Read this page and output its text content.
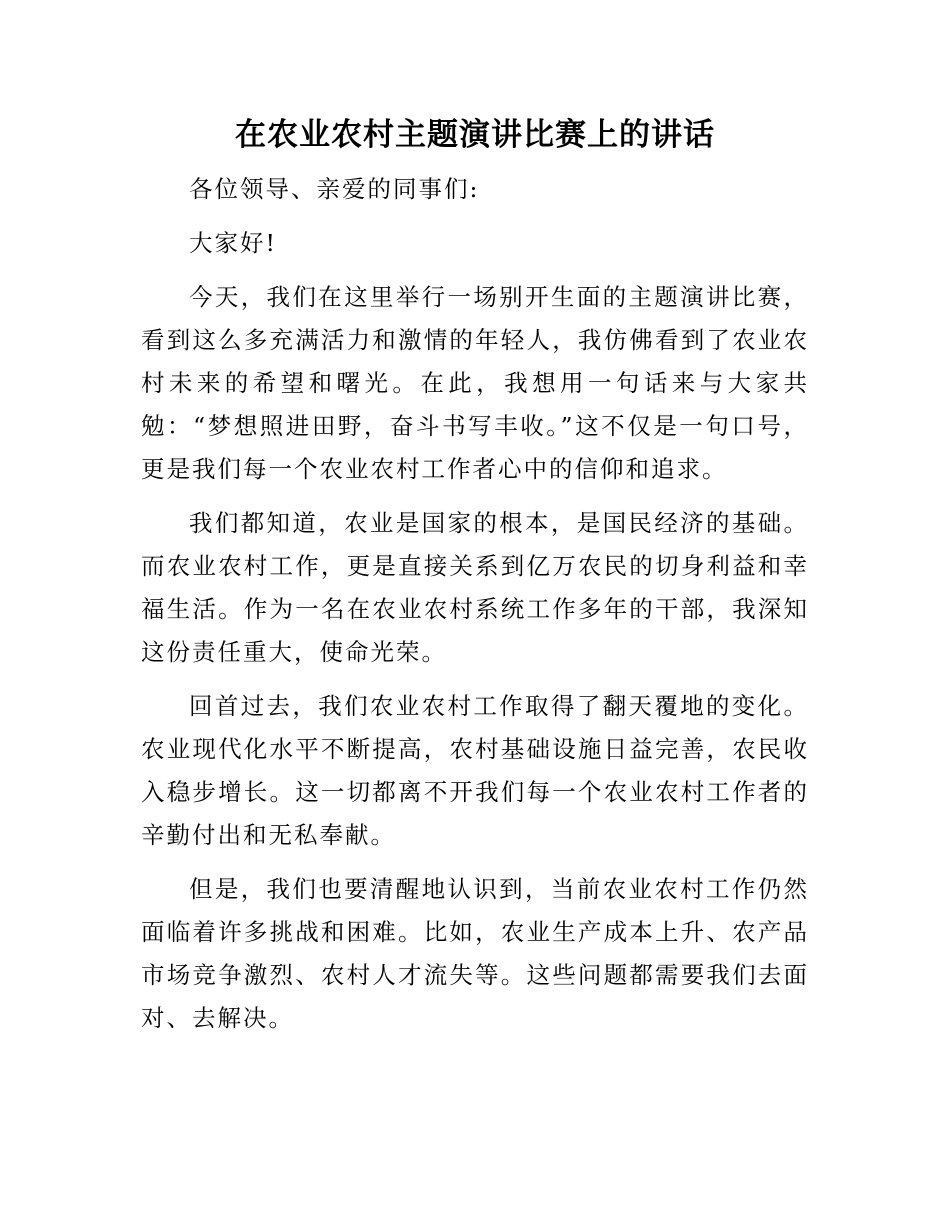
在农业农村主题演讲比赛上的讲话

各位领导、亲爱的同事们:

大家好!

今天，我们在这里举行一场别开生面的主题演讲比赛，看到这么多充满活力和激情的年轻人，我仿佛看到了农业农村未来的希望和曙光。在此，我想用一句话来与大家共勉：“梦想照进田野，奋斗书写丰收。”这不仅是一句口号，更是我们每一个农业农村工作者心中的信仰和追求。

我们都知道，农业是国家的根本，是国民经济的基础。而农业农村工作，更是直接关系到亿万农民的切身利益和幸福生活。作为一名在农业农村系统工作多年的干部，我深知这份责任重大，使命光荣。

回首过去，我们农业农村工作取得了翻天覆地的变化。农业现代化水平不断提高，农村基础设施日益完善，农民收入稳步增长。这一切都离不开我们每一个农业农村工作者的辛勤付出和无私奉献。

但是，我们也要清醒地认识到，当前农业农村工作仍然面临着许多挑战和困难。比如，农业生产成本上升、农产品市场竞争激烈、农村人才流失等。这些问题都需要我们去面对、去解决。
